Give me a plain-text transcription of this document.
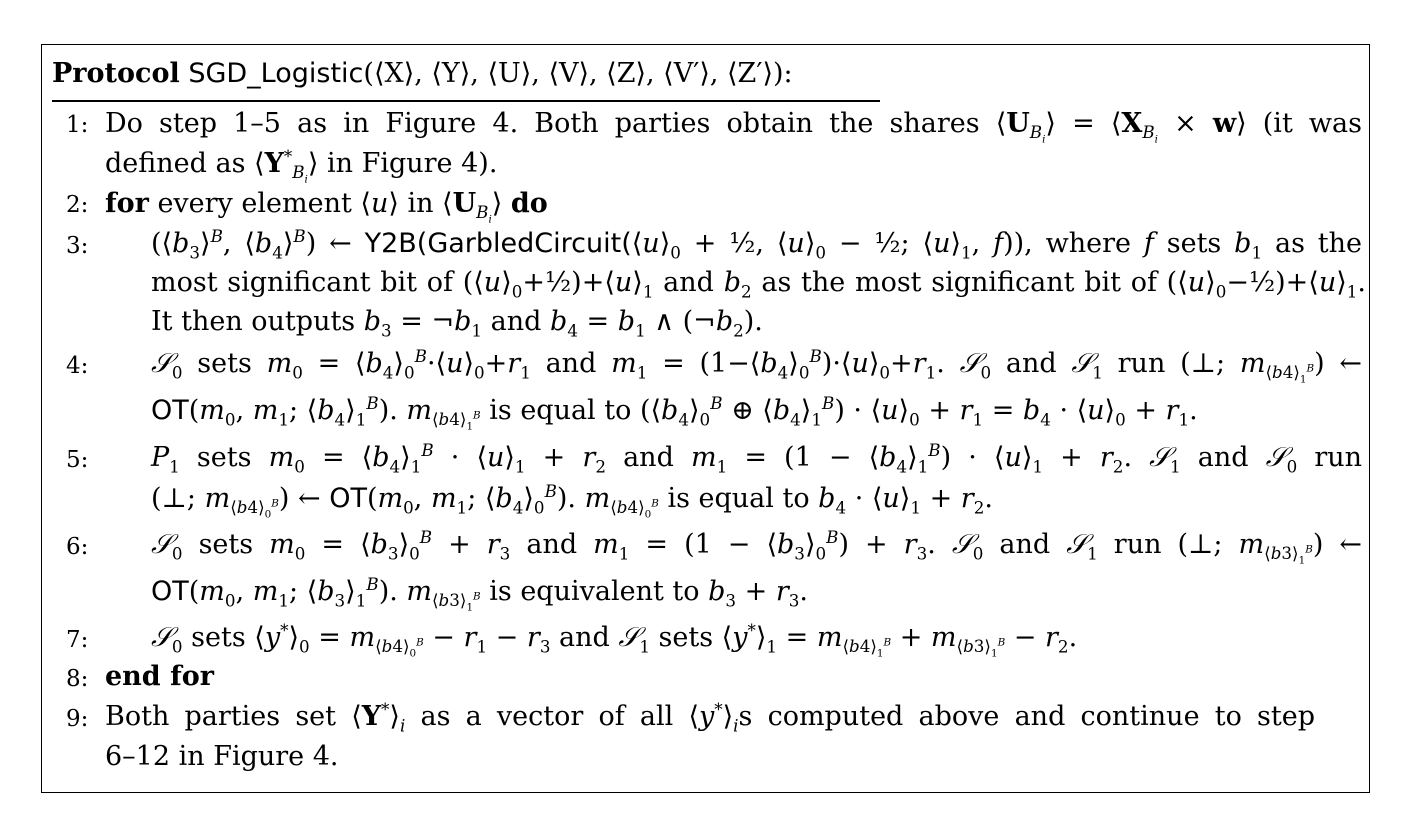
Protocol SGD_Logistic(⟨X⟩, ⟨Y⟩, ⟨U⟩, ⟨V⟩, ⟨Z⟩, ⟨V′⟩, ⟨Z′⟩):
1: Do step 1–5 as in Figure 4. Both parties obtain the shares $⟨U_{B_i}⟩$ = $⟨X_{B_i}$ × w⟩ (it was
defined as $⟨Y^*_{B_i}⟩$ in Figure 4).
2: for every element ⟨u⟩ in $⟨U_{B_i}⟩$ do
3: ($⟨b_3⟩^B$, $⟨b_4⟩^B$) ← $Y2B(GarbledCircuit(⟨u⟩_0$ + ½, $⟨u⟩_0$ − ½; $⟨u⟩_1$, f)), where f sets $b_1$ as the
most significant bit of $(⟨u⟩_0+\frac{1}{2})+⟨u⟩_1$ and $b_2$ as the most significant bit of $(⟨u⟩_0-\frac{1}{2})+⟨u⟩_1$.
It then outputs $b_3$ = $\neg b_1$ and $b_4 = b_1$ ∧ $(\neg b_2)$.
4: 𝒮$_0$ sets $m_0$ = $⟨b_4⟩_0^B\cdot⟨u⟩_0+r_1$ and $m_1$ = $(1-⟨b_4⟩_0^B)\cdot⟨u⟩_0+r_1$. 𝒮$_0$ and 𝒮$_1$ run (⊥; $m_{⟨b4⟩_1^B}$) ←
$OT(m_0$, $m_1$; $⟨b_4⟩_1^B$). $m_{⟨b4⟩_1^B}$ is equal to ($⟨b_4⟩_0^B$ ⊕ $⟨b_4⟩_1^B$) · $⟨u⟩_0 + r_1 = b_4$ · $⟨u⟩_0 + r_1$.
5: $P_1$ sets $m_0$ = $⟨b_4⟩_1^B$ · $⟨u⟩_1 + r_2$ and $m_1 = (1$ − $⟨b_4⟩_1^B$) · $⟨u⟩_1 + r_2$. 𝒮$_1$ and 𝒮$_0$ run
(⊥; $m_{⟨b4⟩_0^B}$) ← $OT(m_0$, $m_1$; $⟨b_4⟩_0^B$). $m_{⟨b4⟩_0^B}$ is equal to $b_4$ · $⟨u⟩_1 + r_2$.
6: 𝒮$_0$ sets $m_0$ = $⟨b_3⟩_0^B + r_3$ and $m_1 = (1$ − $⟨b_3⟩_0^B) + r_3$. 𝒮$_0$ and 𝒮$_1$ run (⊥; $m_{⟨b3⟩_1^B}$) ←
$OT(m_0$, $m_1$; $⟨b_3⟩_1^B$). $m_{⟨b3⟩_1^B}$ is equivalent to $b_3 + r_3$.
7: 𝒮$_0$ sets $⟨y^*⟩_0 = m_{⟨b4⟩_0^B} - r_1 - r_3$ and 𝒮$_1$ sets $⟨y^*⟩_1 = m_{⟨b4⟩_1^B} + m_{⟨b3⟩_1^B} - r_2$.
8: end for
9: Both parties set $⟨Y^*⟩_i$ as a vector of all $⟨y^*⟩_is$ computed above and continue to step
6–12 in Figure 4.
